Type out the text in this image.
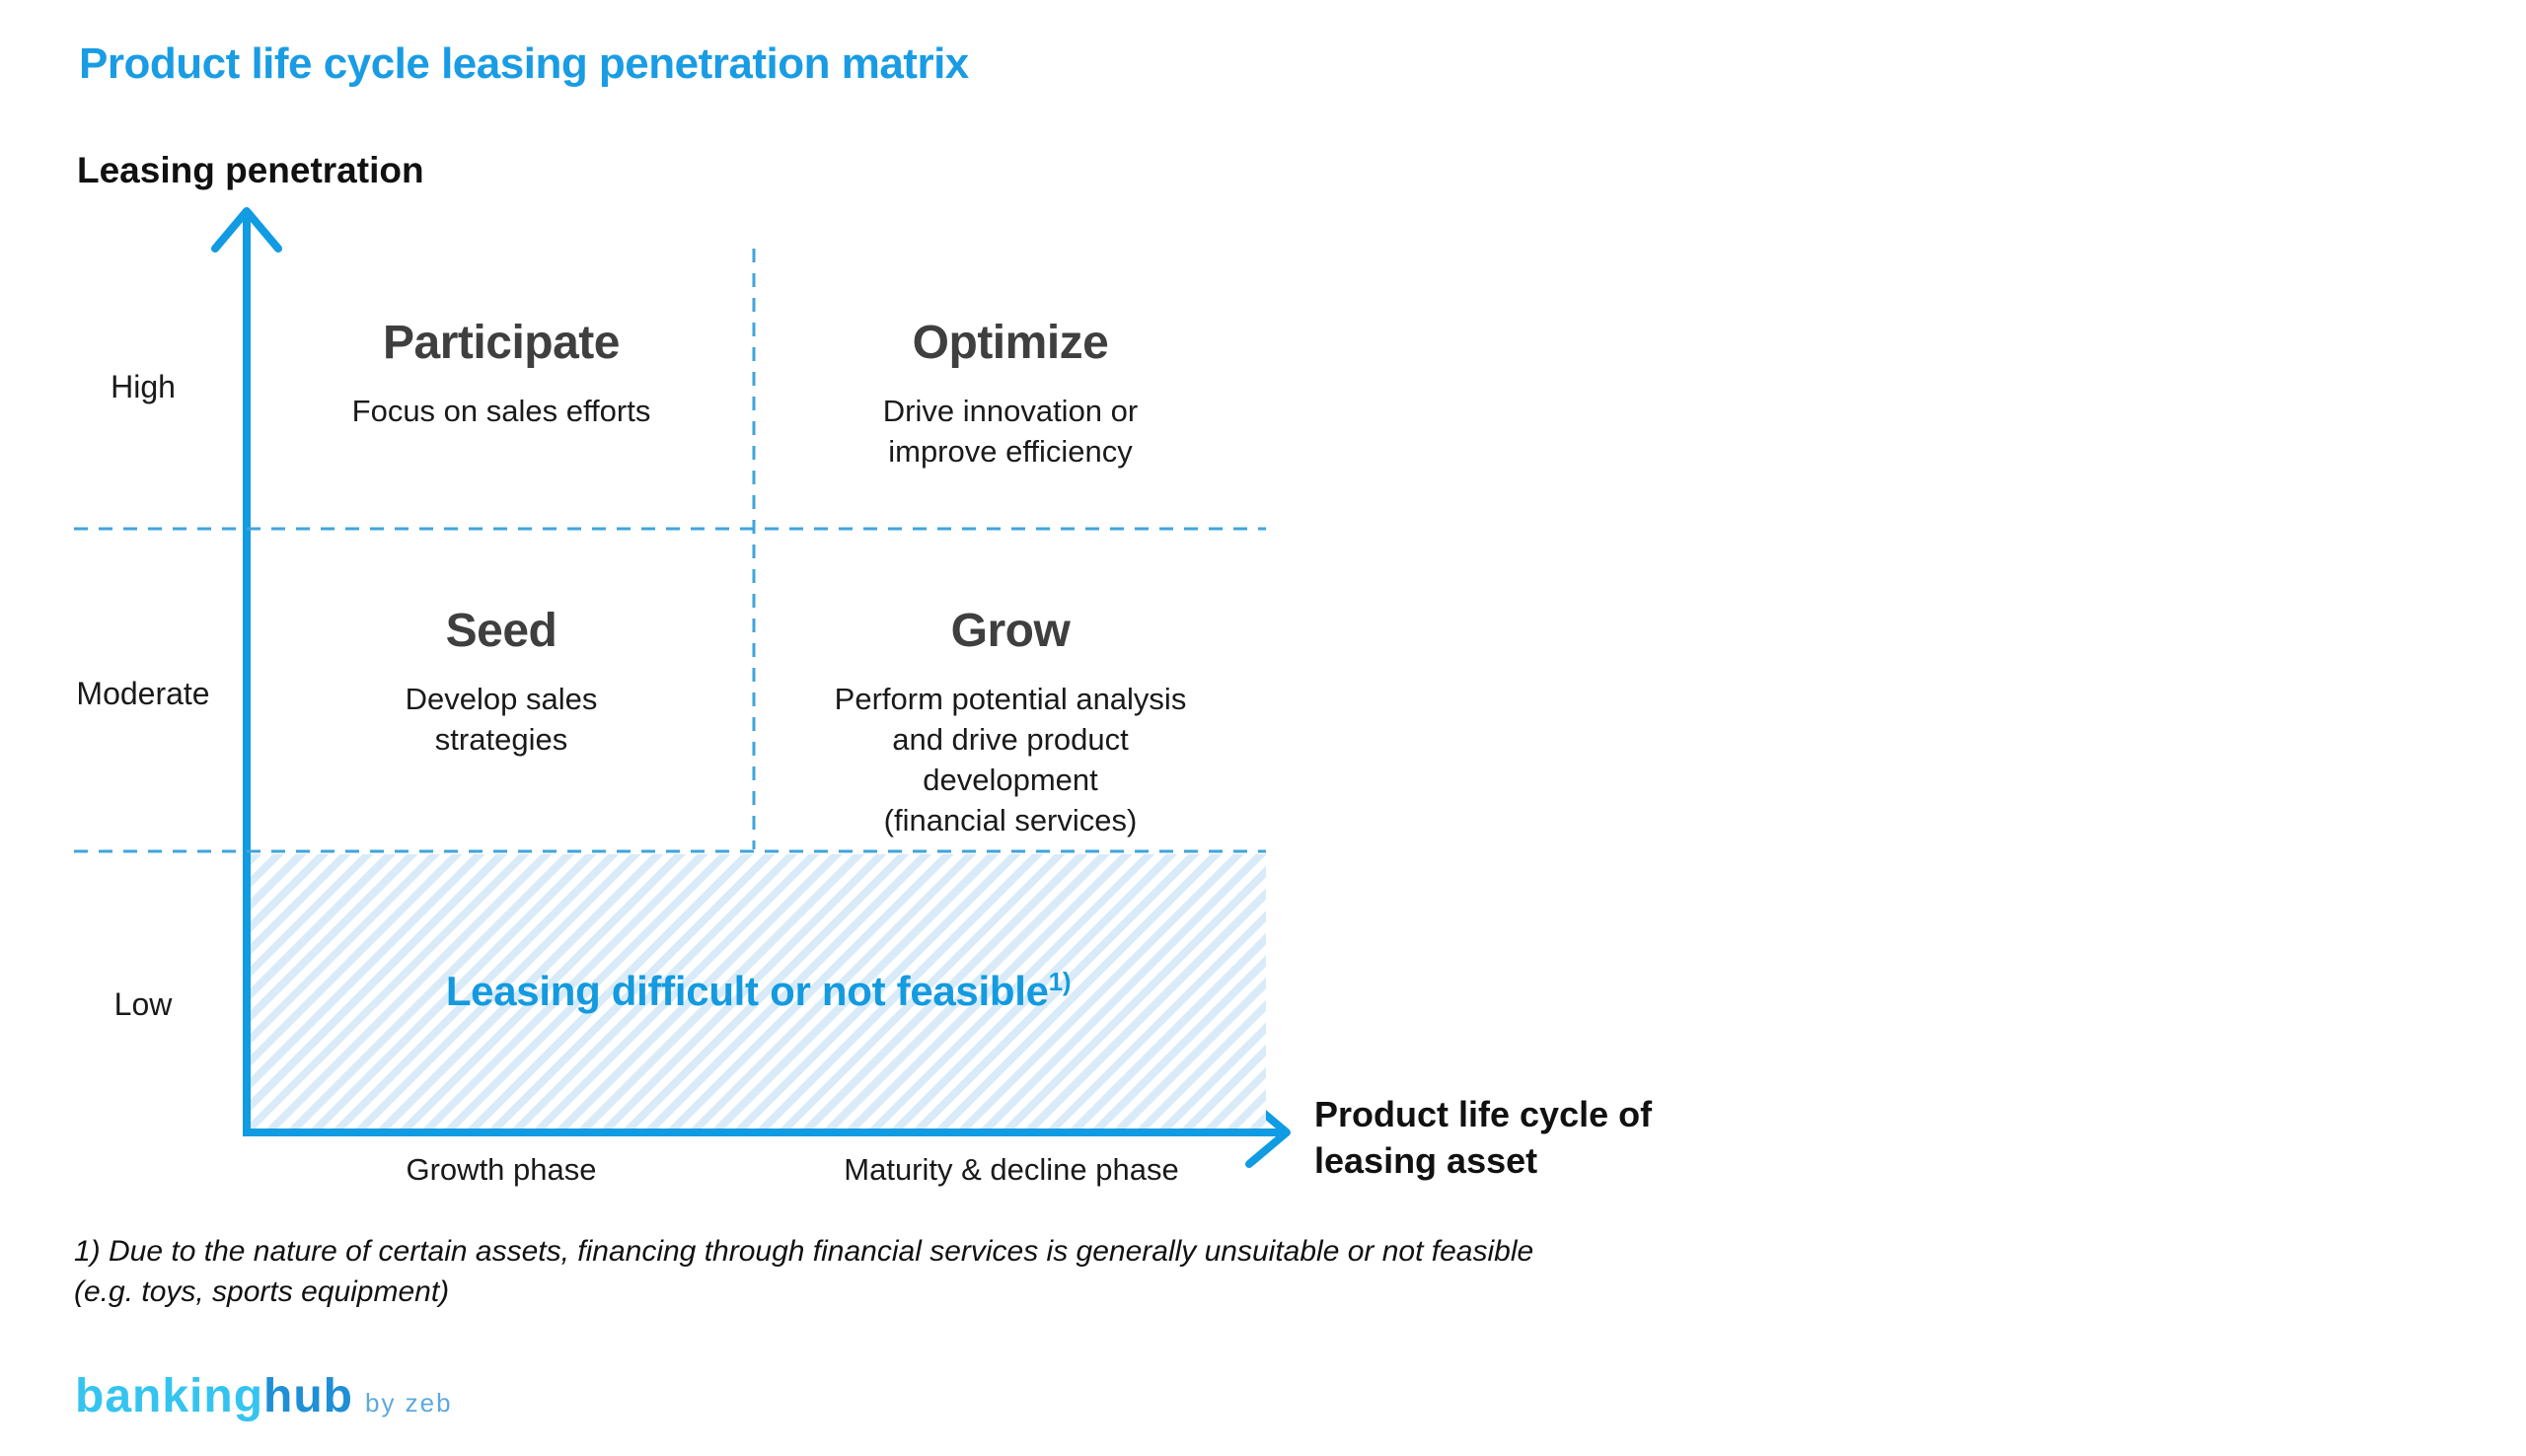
Product life cycle leasing penetration matrix
Leasing penetration
Leasing difficult or not feasible$^{1)}$
High
Moderate
Low
Participate
Focus on sales efforts
Optimize
Drive innovation or
improve efficiency
Seed
Develop sales
strategies
Grow
Perform potential analysis
and drive product
development
(financial services)
Growth phase	Maturity & decline phase
Product life cycle of
leasing asset
1) Due to the nature of certain assets, financing through financial services is generally unsuitable or not feasible
(e.g. toys, sports equipment)
bankinghub by zeb
